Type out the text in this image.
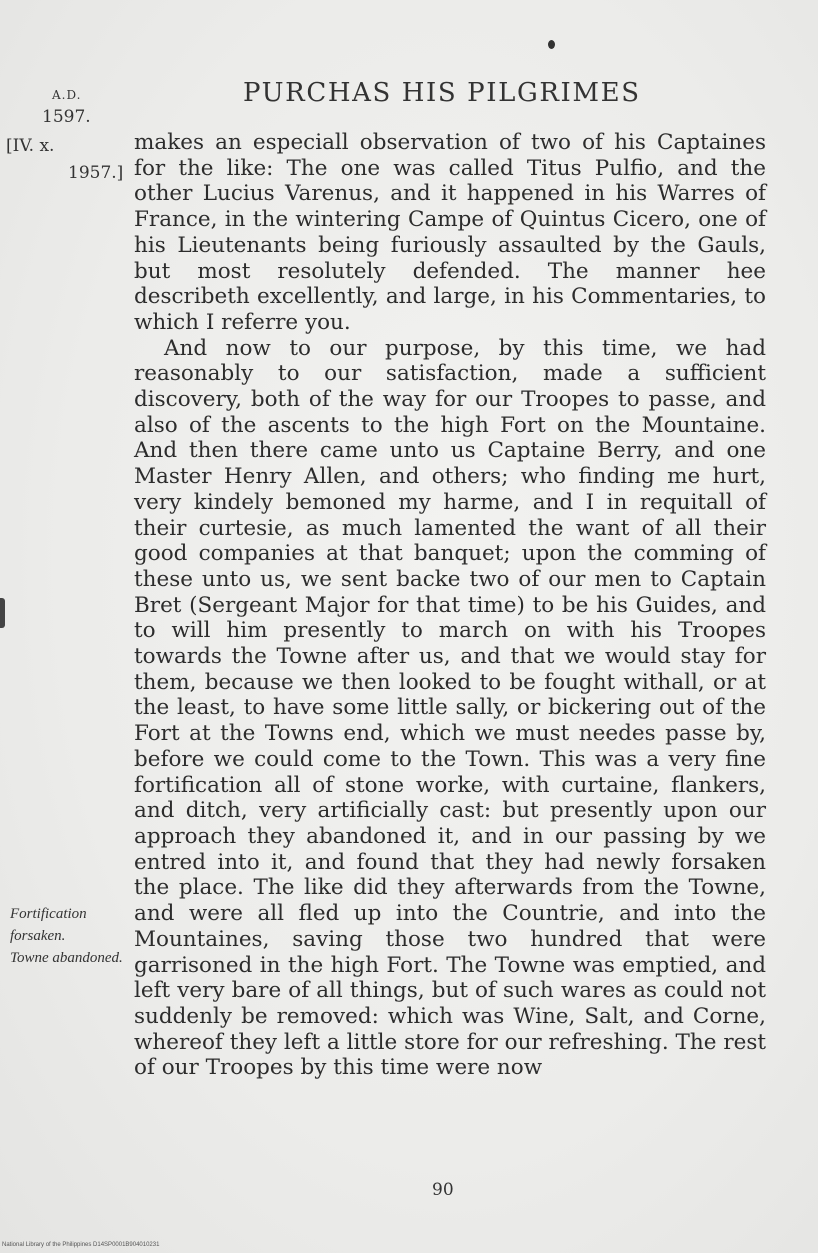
PURCHAS HIS PILGRIMES
A.D.
1597.
[IV. x.
1957.]

makes an especiall observation of two of his Captaines for the like: The one was called Titus Pulfio, and the other Lucius Varenus, and it happened in his Warres of France, in the wintering Campe of Quintus Cicero, one of his Lieutenants being furiously assaulted by the Gauls, but most resolutely defended. The manner hee describeth excellently, and large, in his Commentaries, to which I referre you.

And now to our purpose, by this time, we had reasonably to our satisfaction, made a sufficient discovery, both of the way for our Troopes to passe, and also of the ascents to the high Fort on the Mountaine. And then there came unto us Captaine Berry, and one Master Henry Allen, and others; who finding me hurt, very kindely bemoned my harme, and I in requitall of their curtesie, as much lamented the want of all their good companies at that banquet; upon the comming of these unto us, we sent backe two of our men to Captain Bret (Sergeant Major for that time) to be his Guides, and to will him presently to march on with his Troopes towards the Towne after us, and that we would stay for them, because we then looked to be fought withall, or at the least, to have some little sally, or bickering out of the Fort at the Towns end, which we must needes passe by, before we could come to the Town. This was a very fine fortification all of stone worke, with curtaine, flankers, and ditch, very artificially cast: but presently upon our approach they abandoned it, and in our passing by we entred into it, and found that they had newly forsaken the place. The like did they afterwards from the Towne, and were all fled up into the Countrie, and into the Mountaines, saving those two hundred that were garrisoned in the high Fort. The Towne was emptied, and left very bare of all things, but of such wares as could not suddenly be removed: which was Wine, Salt, and Corne, whereof they left a little store for our refreshing. The rest of our Troopes by this time were now

Fortification forsaken.
Towne abandoned.
90
National Library of the Philippines D14SP0001B904010231
